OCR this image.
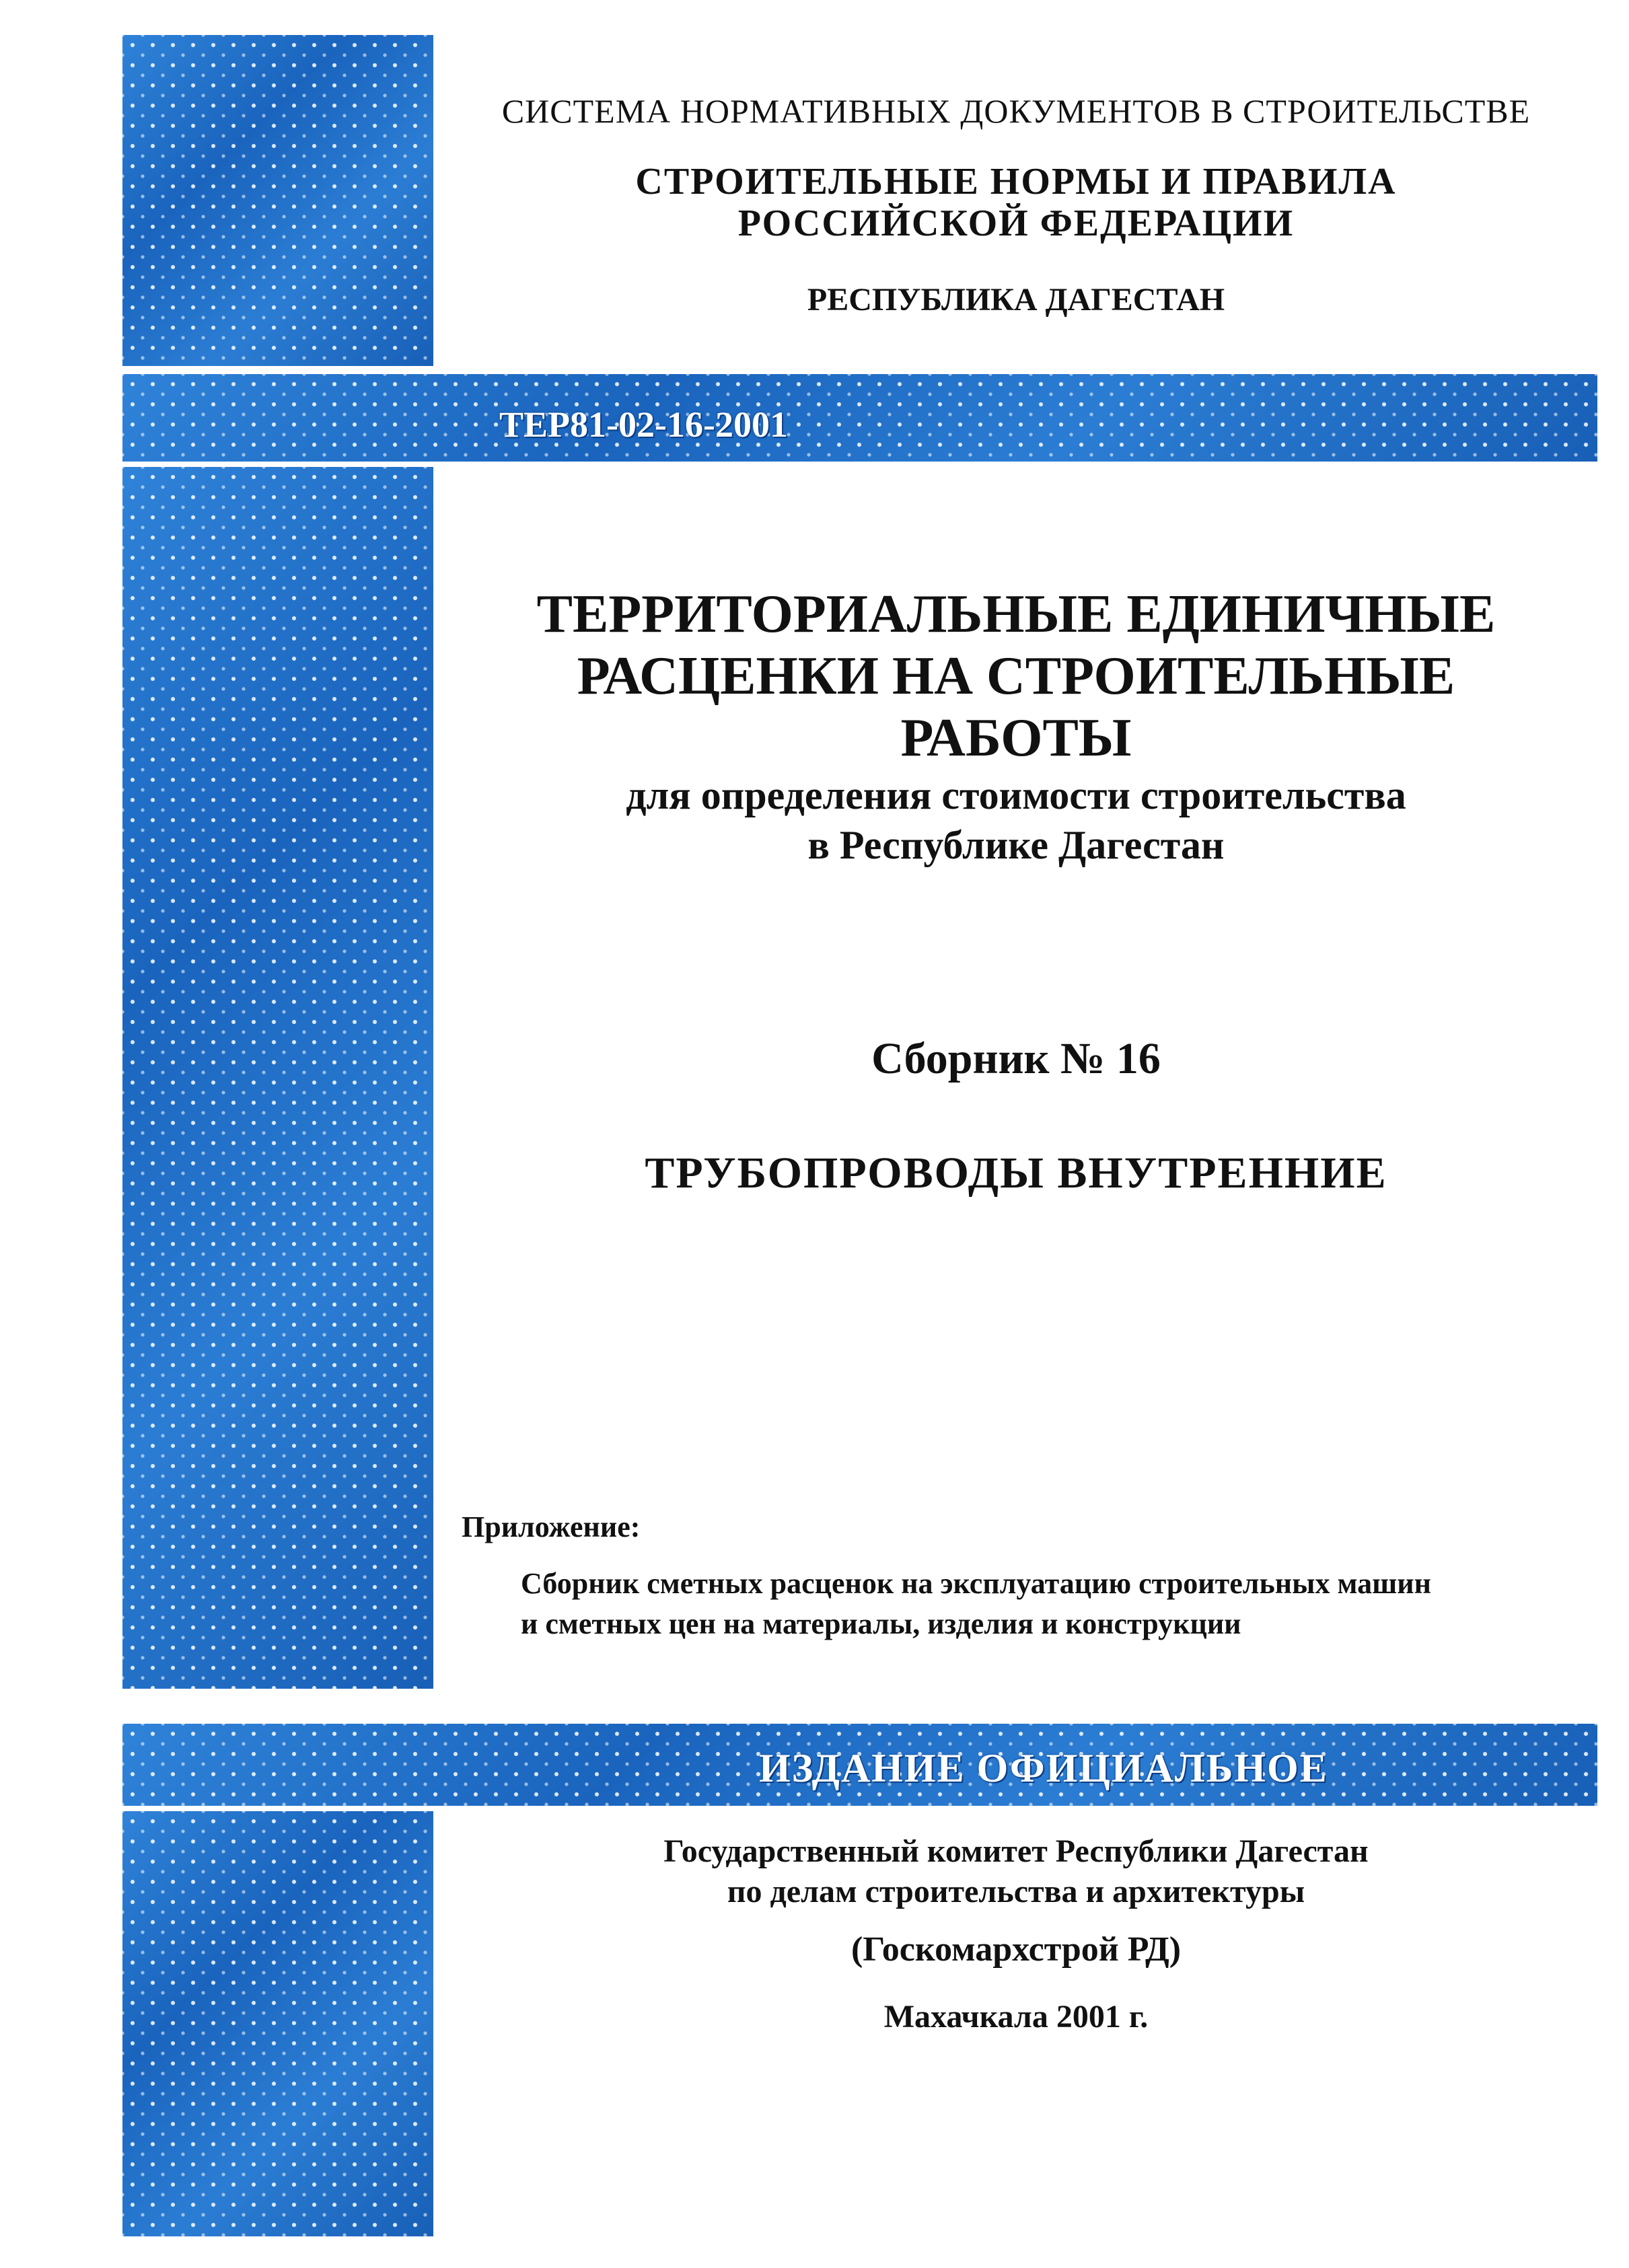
ТЕР81-02-16-2001
ИЗДАНИЕ ОФИЦИАЛЬНОЕ
СИСТЕМА НОРМАТИВНЫХ ДОКУМЕНТОВ В СТРОИТЕЛЬСТВЕ
СТРОИТЕЛЬНЫЕ НОРМЫ И ПРАВИЛА
РОССИЙСКОЙ ФЕДЕРАЦИИ
РЕСПУБЛИКА ДАГЕСТАН
ТЕРРИТОРИАЛЬНЫЕ ЕДИНИЧНЫЕ
РАСЦЕНКИ НА СТРОИТЕЛЬНЫЕ
РАБОТЫ
для определения стоимости строительства
в Республике Дагестан
Сборник № 16
ТРУБОПРОВОДЫ ВНУТРЕННИЕ
Приложение:
Сборник сметных расценок на эксплуатацию строительных машин
и сметных цен на материалы, изделия и конструкции
Государственный комитет Республики Дагестан
по делам строительства и архитектуры
(Госкомархстрой РД)
Махачкала 2001 г.
